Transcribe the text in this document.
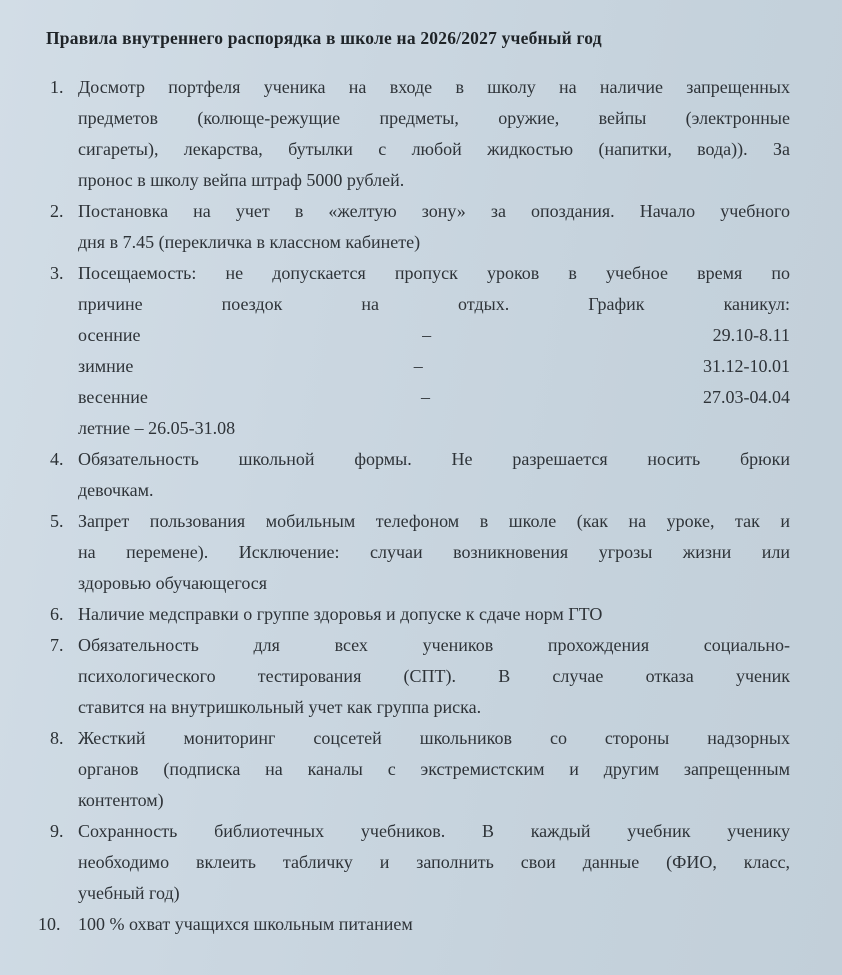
Правила внутреннего распорядка в школе на 2026/2027 учебный год
1. Досмотр портфеля ученика на входе в школу на наличие запрещенных
предметов (колюще-режущие предметы, оружие, вейпы (электронные
сигареты), лекарства, бутылки с любой жидкостью (напитки, вода)). За
пронос в школу вейпа штраф 5000 рублей.
2. Постановка на учет в «желтую зону» за опоздания. Начало учебного
дня в 7.45 (перекличка в классном кабинете)
3. Посещаемость: не допускается пропуск уроков в учебное время по
причине поездок на отдых. График каникул:
осенние – 29.10-8.11
зимние – 31.12-10.01
весенние – 27.03-04.04
летние – 26.05-31.08
4. Обязательность школьной формы. Не разрешается носить брюки
девочкам.
5. Запрет пользования мобильным телефоном в школе (как на уроке, так и
на перемене). Исключение: случаи возникновения угрозы жизни или
здоровью обучающегося
6. Наличие медсправки о группе здоровья и допуске к сдаче норм ГТО
7. Обязательность для всех учеников прохождения социально-
психологического тестирования (СПТ). В случае отказа ученик
ставится на внутришкольный учет как группа риска.
8. Жесткий мониторинг соцсетей школьников со стороны надзорных
органов (подписка на каналы с экстремистским и другим запрещенным
контентом)
9. Сохранность библиотечных учебников. В каждый учебник ученику
необходимо вклеить табличку и заполнить свои данные (ФИО, класс,
учебный год)
10. 100 % охват учащихся школьным питанием
